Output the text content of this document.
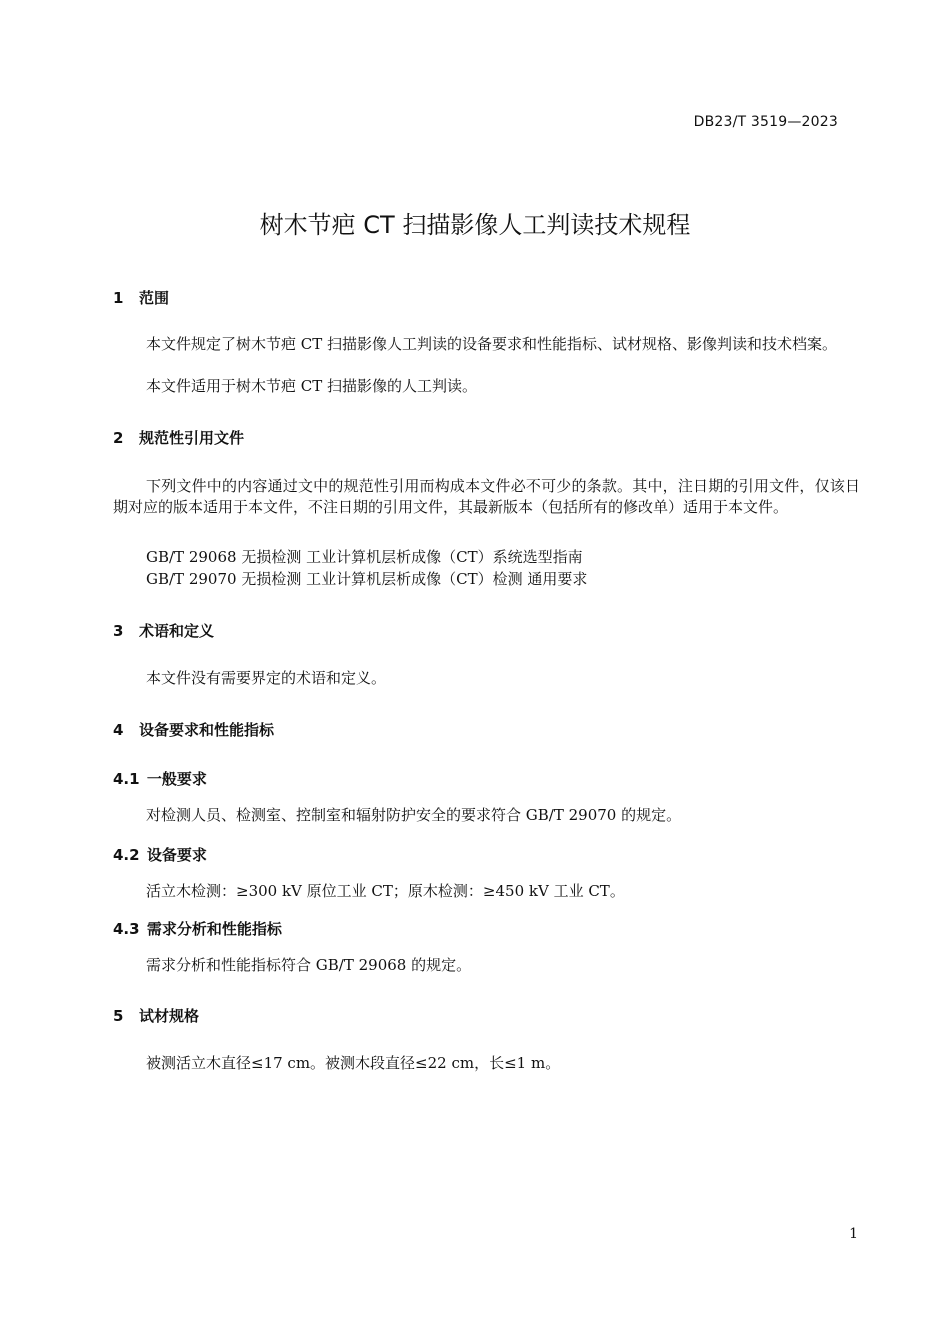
DB23/T 3519—2023
树木节疤 CT 扫描影像人工判读技术规程
1 范围

本文件规定了树木节疤 CT 扫描影像人工判读的设备要求和性能指标、试材规格、影像判读和技术档案。

本文件适用于树木节疤 CT 扫描影像的人工判读。

2 规范性引用文件

下列文件中的内容通过文中的规范性引用而构成本文件必不可少的条款。其中，注日期的引用文件，仅该日期对应的版本适用于本文件，不注日期的引用文件，其最新版本（包括所有的修改单）适用于本文件。

GB/T 29068 无损检测 工业计算机层析成像（CT）系统选型指南

GB/T 29070 无损检测 工业计算机层析成像（CT）检测 通用要求

3 术语和定义

本文件没有需要界定的术语和定义。

4 设备要求和性能指标
4.1 一般要求

对检测人员、检测室、控制室和辐射防护安全的要求符合 GB/T 29070 的规定。

4.2 设备要求

活立木检测：≥300 kV 原位工业 CT；原木检测：≥450 kV 工业 CT。

4.3 需求分析和性能指标

需求分析和性能指标符合 GB/T 29068 的规定。

5 试材规格

被测活立木直径≤17 cm。被测木段直径≤22 cm，长≤1 m。

1
